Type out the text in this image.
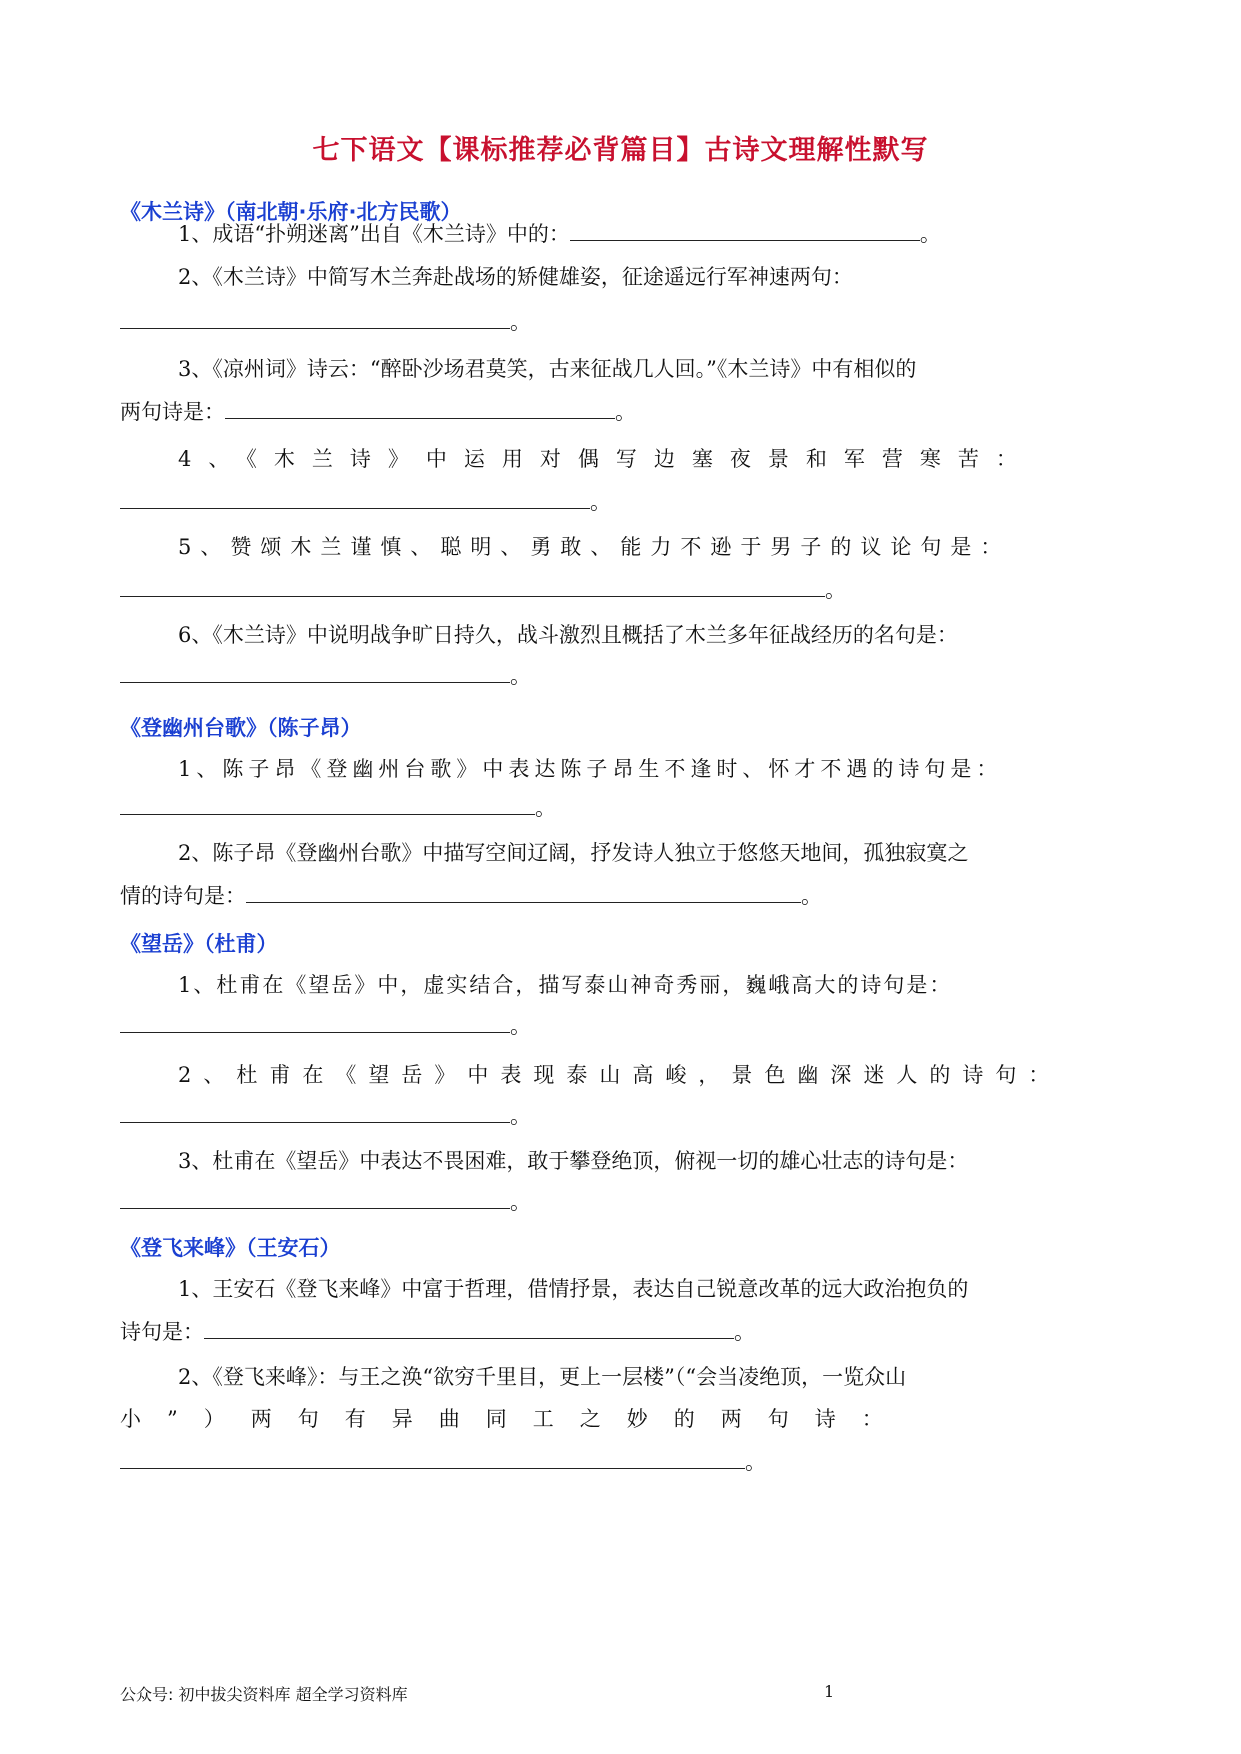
七下语文【课标推荐必背篇目】古诗文理解性默写
《木兰诗》（南北朝·乐府·北方民歌）
1、成语“扑朔迷离”出自《木兰诗》中的：	。
2、《木兰诗》中简写木兰奔赴战场的矫健雄姿，征途遥远行军神速两句：
。
3、《凉州词》诗云：“醉卧沙场君莫笑，古来征战几人回。”《木兰诗》中有相似的
两句诗是：	。
4、《木兰诗》中运用对偶写边塞夜景和军营寒苦：
。
5、赞颂木兰谨慎、聪明、勇敢、能力不逊于男子的议论句是：
。
6、《木兰诗》中说明战争旷日持久，战斗激烈且概括了木兰多年征战经历的名句是：
。
《登幽州台歌》（陈子昂）
1、陈子昂《登幽州台歌》中表达陈子昂生不逢时、怀才不遇的诗句是：
。
2、陈子昂《登幽州台歌》中描写空间辽阔，抒发诗人独立于悠悠天地间，孤独寂寞之
情的诗句是：	。
《望岳》（杜甫）
1、杜甫在《望岳》中，虚实结合，描写泰山神奇秀丽，巍峨高大的诗句是：
。
2、杜甫在《望岳》中表现泰山高峻，景色幽深迷人的诗句：
。
3、杜甫在《望岳》中表达不畏困难，敢于攀登绝顶，俯视一切的雄心壮志的诗句是：
。
《登飞来峰》（王安石）
1、王安石《登飞来峰》中富于哲理，借情抒景，表达自己锐意改革的远大政治抱负的
诗句是：	。
2、《登飞来峰》：与王之涣“欲穷千里目，更上一层楼”（“会当凌绝顶，一览众山
小”）两句有异曲同工之妙的两句诗：
。
公众号: 初中拔尖资料库 超全学习资料库	1
